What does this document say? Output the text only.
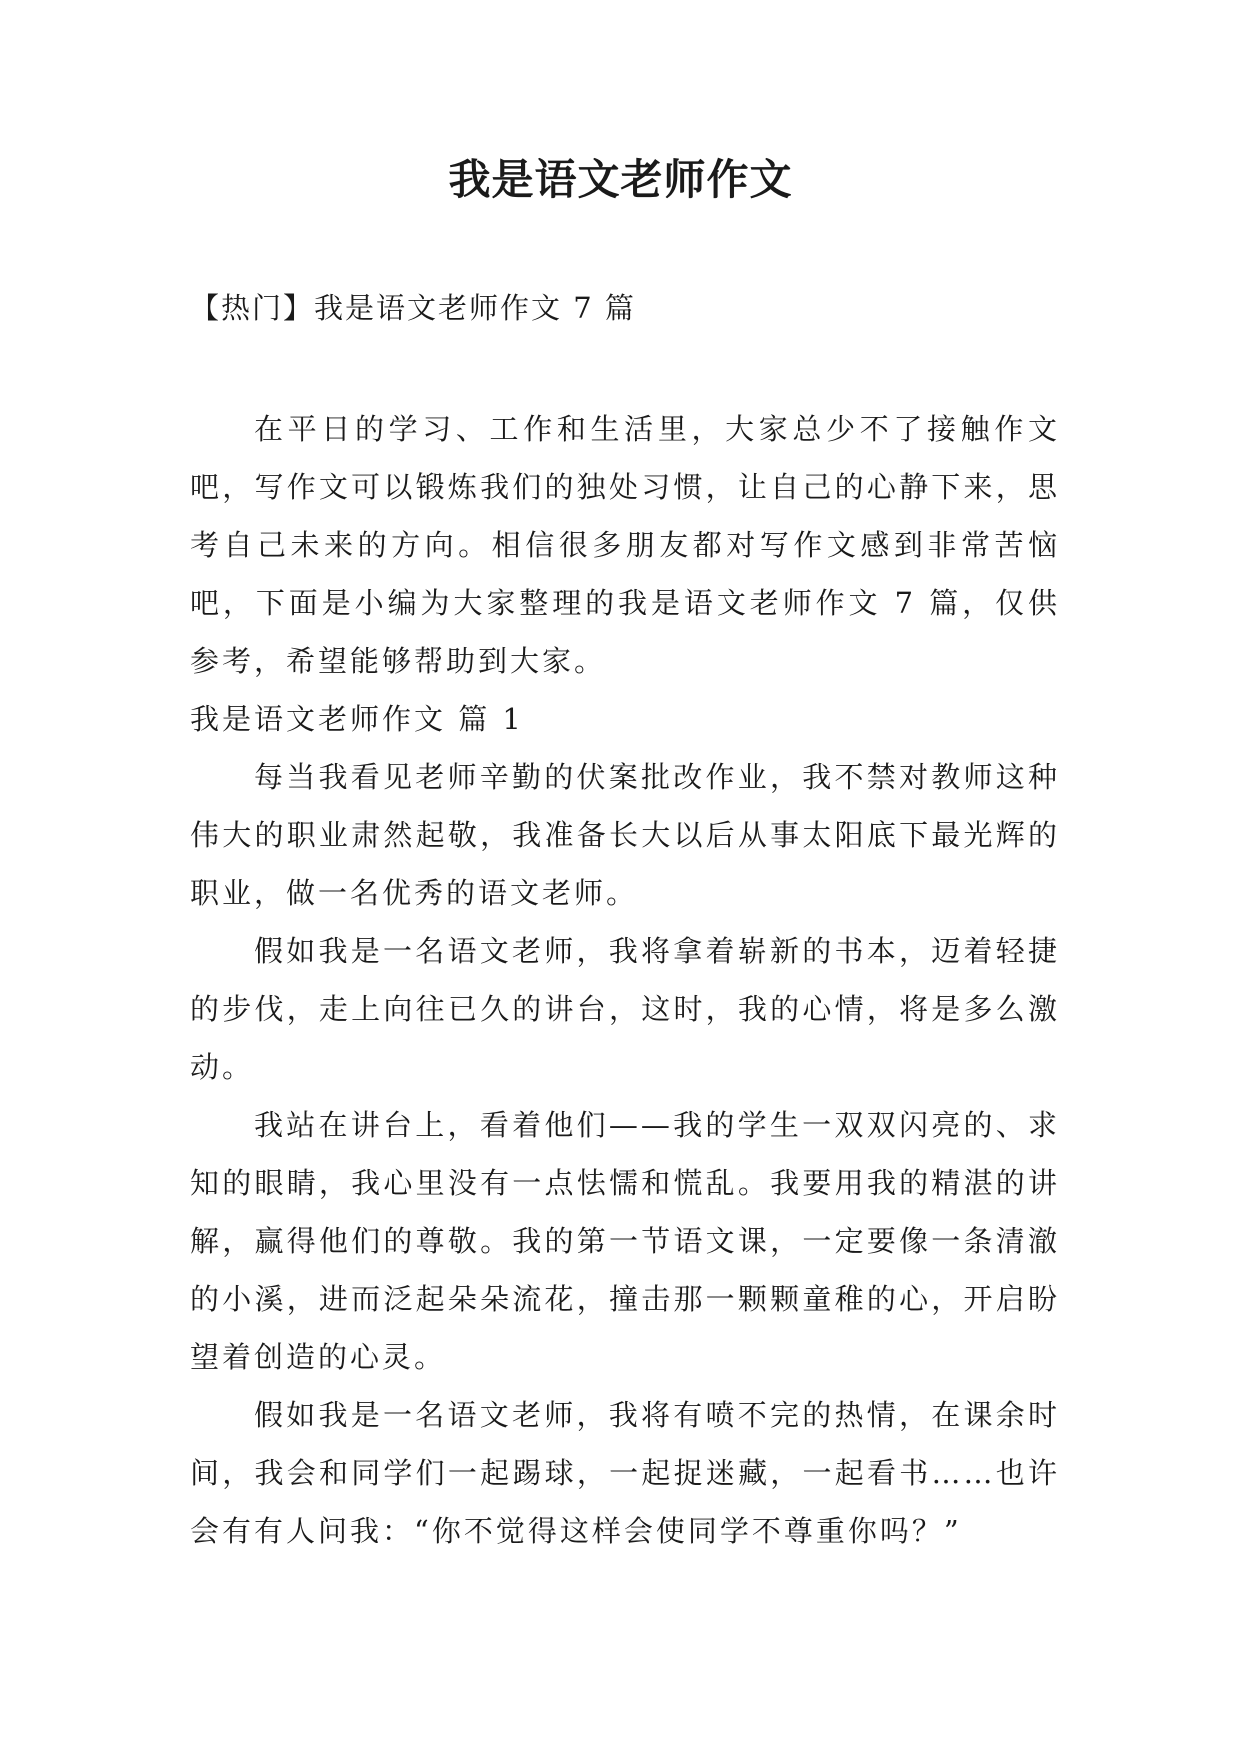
我是语文老师作文

【热门】我是语文老师作文 7 篇

在平日的学习、工作和生活里，大家总少不了接触作文吧，写作文可以锻炼我们的独处习惯，让自己的心静下来，思考自己未来的方向。相信很多朋友都对写作文感到非常苦恼吧，下面是小编为大家整理的我是语文老师作文 7 篇，仅供参考，希望能够帮助到大家。

我是语文老师作文 篇 1

每当我看见老师辛勤的伏案批改作业，我不禁对教师这种伟大的职业肃然起敬，我准备长大以后从事太阳底下最光辉的职业，做一名优秀的语文老师。

假如我是一名语文老师，我将拿着崭新的书本，迈着轻捷的步伐，走上向往已久的讲台，这时，我的心情，将是多么激动。

我站在讲台上，看着他们——我的学生一双双闪亮的、求知的眼睛，我心里没有一点怯懦和慌乱。我要用我的精湛的讲解，赢得他们的尊敬。我的第一节语文课，一定要像一条清澈的小溪，进而泛起朵朵流花，撞击那一颗颗童稚的心，开启盼望着创造的心灵。

假如我是一名语文老师，我将有喷不完的热情，在课余时间，我会和同学们一起踢球，一起捉迷藏，一起看书……也许会有有人问我：“你不觉得这样会使同学不尊重你吗？”
